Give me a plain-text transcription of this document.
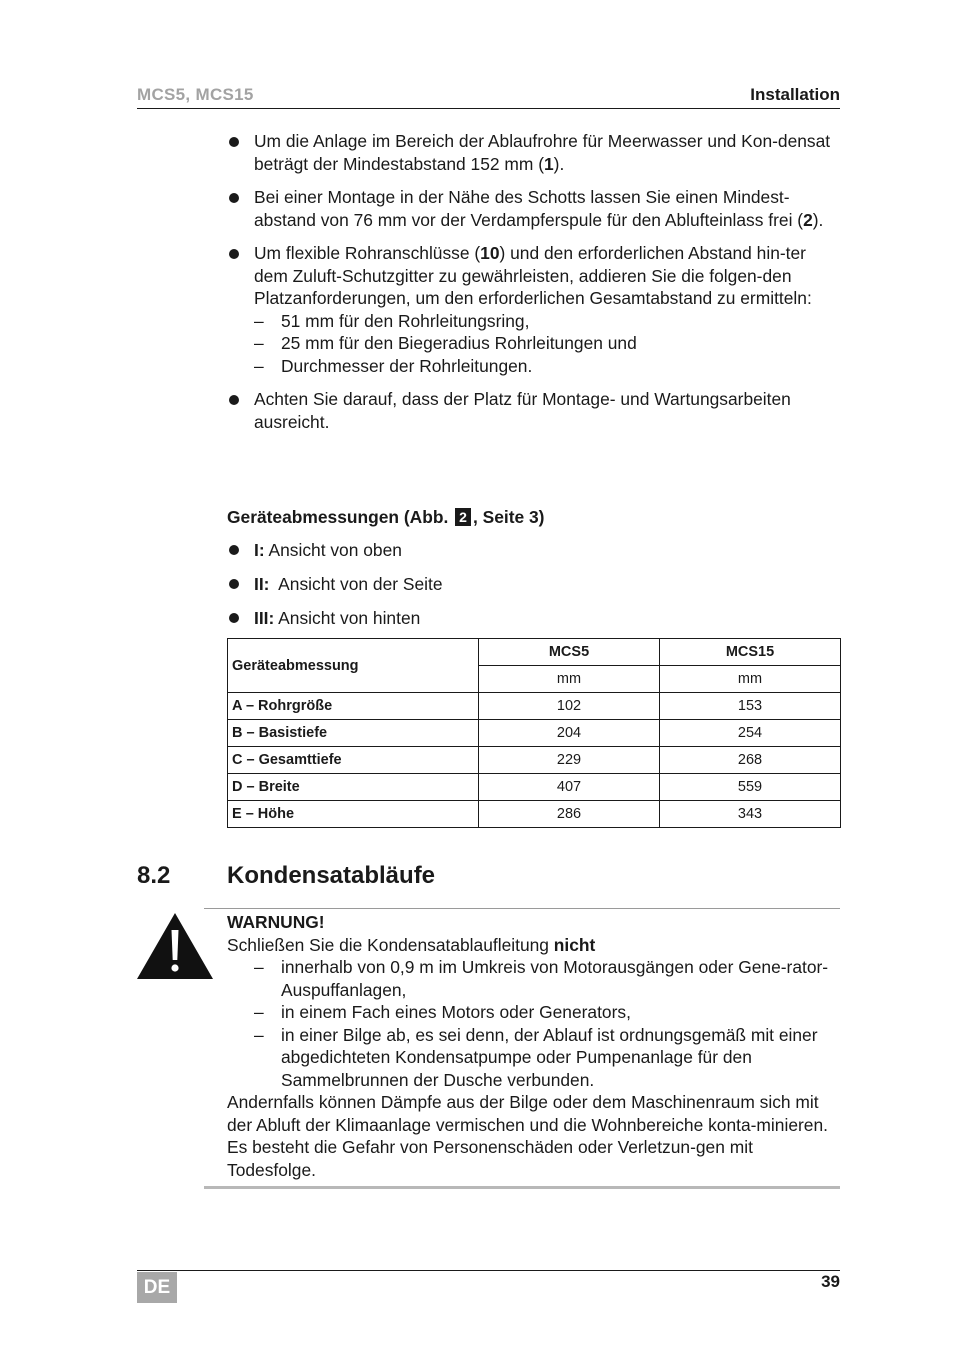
MCS5, MCS15	Installation
Um die Anlage im Bereich der Ablaufrohre für Meerwasser und Kon-densat beträgt der Mindestabstand 152 mm (1).
Bei einer Montage in der Nähe des Schotts lassen Sie einen Mindest-abstand von 76 mm vor der Verdampferspule für den Ablufteinlass frei (2).
Um flexible Rohranschlüsse (10) und den erforderlichen Abstand hin-ter dem Zuluft-Schutzgitter zu gewährleisten, addieren Sie die folgen-den Platzanforderungen, um den erforderlichen Gesamtabstand zu ermitteln:
– 51 mm für den Rohrleitungsring,
– 25 mm für den Biegeradius Rohrleitungen und
– Durchmesser der Rohrleitungen.
Achten Sie darauf, dass der Platz für Montage- und Wartungsarbeiten ausreicht.
Geräteabmessungen (Abb. 2 , Seite 3)
I: Ansicht von oben
II:  Ansicht von der Seite
III: Ansicht von hinten
Geräteabmessung	MCS5	MCS15
	mm	mm
A – Rohrgröße	102	153
B – Basistiefe	204	254
C – Gesamttiefe	229	268
D – Breite	407	559
E – Höhe	286	343
8.2 Kondensatabläufe
WARNUNG!
Schließen Sie die Kondensatablaufleitung nicht
– innerhalb von 0,9 m im Umkreis von Motorausgängen oder Gene-rator-Auspuffanlagen,
– in einem Fach eines Motors oder Generators,
– in einer Bilge ab, es sei denn, der Ablauf ist ordnungsgemäß mit einer abgedichteten Kondensatpumpe oder Pumpenanlage für den Sammelbrunnen der Dusche verbunden.
Andernfalls können Dämpfe aus der Bilge oder dem Maschinenraum sich mit der Abluft der Klimaanlage vermischen und die Wohnbereiche konta-minieren. Es besteht die Gefahr von Personenschäden oder Verletzun-gen mit Todesfolge.
DE	39
